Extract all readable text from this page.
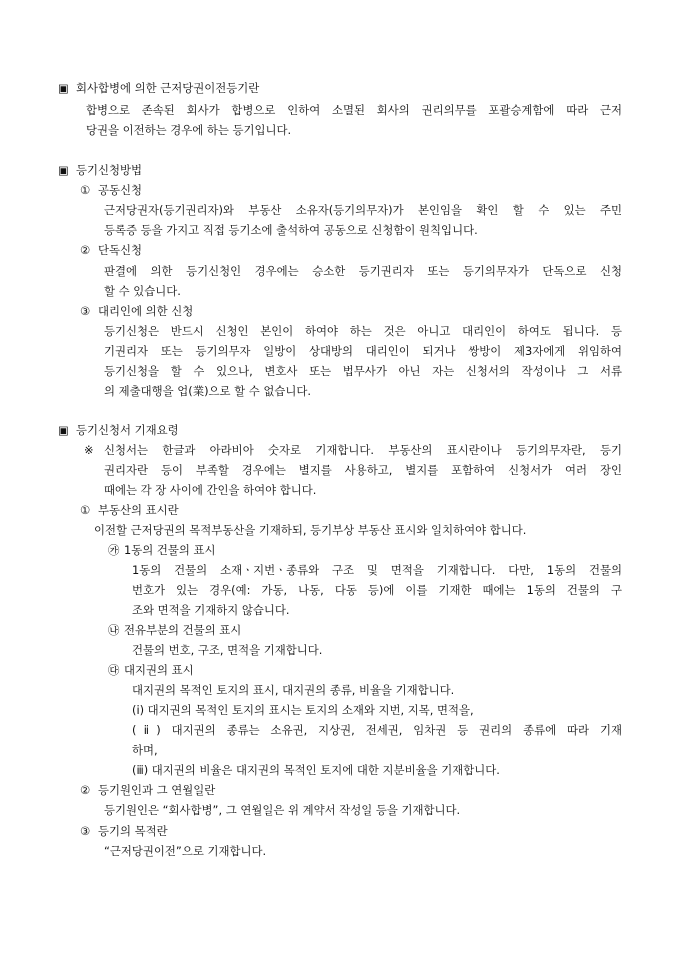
▣ 회사합병에 의한 근저당권이전등기란
합병으로 존속된 회사가 합병으로 인하여 소멸된 회사의 권리의무를 포괄승계함에 따라 근저
당권을 이전하는 경우에 하는 등기입니다.
▣ 등기신청방법
① 공동신청
근저당권자(등기권리자)와 부동산 소유자(등기의무자)가 본인임을 확인 할 수 있는 주민
등록증 등을 가지고 직접 등기소에 출석하여 공동으로 신청함이 원칙입니다.
② 단독신청
판결에 의한 등기신청인 경우에는 승소한 등기권리자 또는 등기의무자가 단독으로 신청
할 수 있습니다.
③ 대리인에 의한 신청
등기신청은 반드시 신청인 본인이 하여야 하는 것은 아니고 대리인이 하여도 됩니다. 등
기권리자 또는 등기의무자 일방이 상대방의 대리인이 되거나 쌍방이 제3자에게 위임하여
등기신청을 할 수 있으나, 변호사 또는 법무사가 아닌 자는 신청서의 작성이나 그 서류
의 제출대행을 업(業)으로 할 수 없습니다.
▣ 등기신청서 기재요령
※ 신청서는 한글과 아라비아 숫자로 기재합니다. 부동산의 표시란이나 등기의무자란, 등기
권리자란 등이 부족할 경우에는 별지를 사용하고, 별지를 포함하여 신청서가 여러 장인
때에는 각 장 사이에 간인을 하여야 합니다.
① 부동산의 표시란
이전할 근저당권의 목적부동산을 기재하되, 등기부상 부동산 표시와 일치하여야 합니다.
㉮ 1동의 건물의 표시
1동의 건물의 소재ㆍ지번ㆍ종류와 구조 및 면적을 기재합니다. 다만, 1동의 건물의
번호가 있는 경우(예: 가동, 나동, 다동 등)에 이를 기재한 때에는 1동의 건물의 구
조와 면적을 기재하지 않습니다.
㉯ 전유부분의 건물의 표시
건물의 번호, 구조, 면적을 기재합니다.
㉰ 대지권의 표시
대지권의 목적인 토지의 표시, 대지권의 종류, 비율을 기재합니다.
(ⅰ) 대지권의 목적인 토지의 표시는 토지의 소재와 지번, 지목, 면적을,
(ⅱ) 대지권의 종류는 소유권, 지상권, 전세권, 임차권 등 권리의 종류에 따라 기재
하며,
(ⅲ) 대지권의 비율은 대지권의 목적인 토지에 대한 지분비율을 기재합니다.
② 등기원인과 그 연월일란
등기원인은 “회사합병”, 그 연월일은 위 계약서 작성일 등을 기재합니다.
③ 등기의 목적란
“근저당권이전”으로 기재합니다.
